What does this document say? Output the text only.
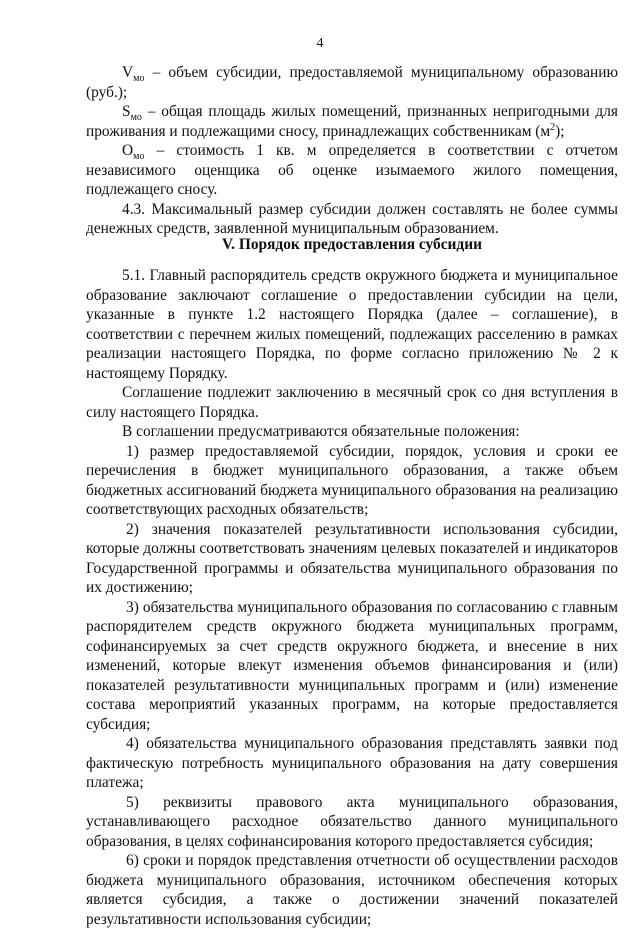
4

$V_{мо}$ – объем субсидии, предоставляемой муниципальному образованию (руб.);

$S_{мо}$ – общая площадь жилых помещений, признанных непригодными для проживания и подлежащими сносу, принадлежащих собственникам $(м^2)$;

$О_{мо}$ – стоимость 1 кв. м определяется в соответствии с отчетом независимого оценщика об оценке изымаемого жилого помещения, подлежащего сносу.

4.3. Максимальный размер субсидии должен составлять не более суммы денежных средств, заявленной муниципальным образованием.

V. Порядок предоставления субсидии

5.1. Главный распорядитель средств окружного бюджета и муниципальное образование заключают соглашение о предоставлении субсидии на цели, указанные в пункте 1.2 настоящего Порядка (далее – соглашение), в соответствии с перечнем жилых помещений, подлежащих расселению в рамках реализации настоящего Порядка, по форме согласно приложению № 2 к настоящему Порядку.

Соглашение подлежит заключению в месячный срок со дня вступления в силу настоящего Порядка.

В соглашении предусматриваются обязательные положения:

1) размер предоставляемой субсидии, порядок, условия и сроки ее перечисления в бюджет муниципального образования, а также объем бюджетных ассигнований бюджета муниципального образования на реализацию соответствующих расходных обязательств;

2) значения показателей результативности использования субсидии, которые должны соответствовать значениям целевых показателей и индикаторов Государственной программы и обязательства муниципального образования по их достижению;

3) обязательства муниципального образования по согласованию с главным распорядителем средств окружного бюджета муниципальных программ, софинансируемых за счет средств окружного бюджета, и внесение в них изменений, которые влекут изменения объемов финансирования и (или) показателей результативности муниципальных программ и (или) изменение состава мероприятий указанных программ, на которые предоставляется субсидия;

4) обязательства муниципального образования представлять заявки под фактическую потребность муниципального образования на дату совершения платежа;

5) реквизиты правового акта муниципального образования, устанавливающего расходное обязательство данного муниципального образования, в целях софинансирования которого предоставляется субсидия;

6) сроки и порядок представления отчетности об осуществлении расходов бюджета муниципального образования, источником обеспечения которых является субсидия, а также о достижении значений показателей результативности использования субсидии;
